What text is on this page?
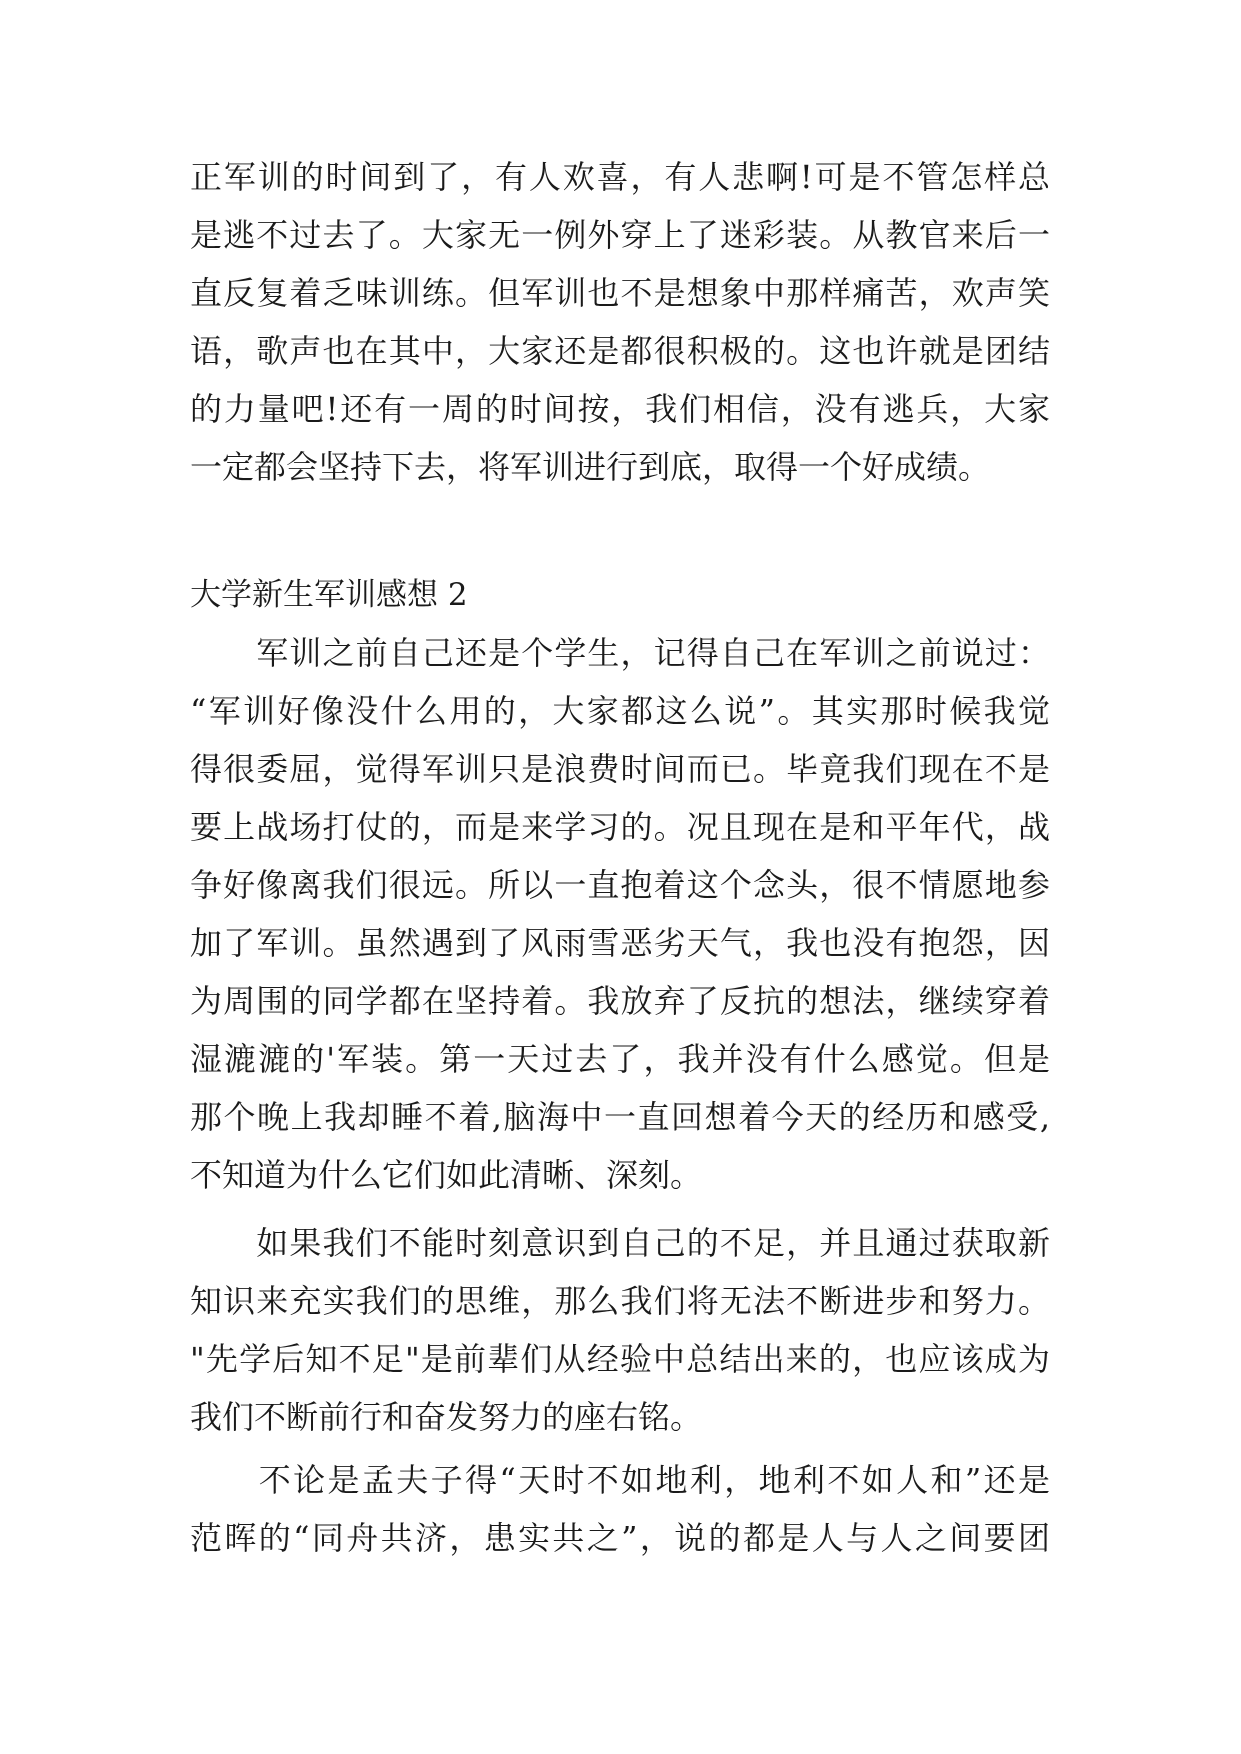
正军训的时间到了，有人欢喜，有人悲啊!可是不管怎样总
是逃不过去了。大家无一例外穿上了迷彩装。从教官来后一
直反复着乏味训练。但军训也不是想象中那样痛苦，欢声笑
语，歌声也在其中，大家还是都很积极的。这也许就是团结
的力量吧!还有一周的时间按，我们相信，没有逃兵，大家
一定都会坚持下去，将军训进行到底，取得一个好成绩。
大学新生军训感想 2
　　军训之前自己还是个学生，记得自己在军训之前说过：
“军训好像没什么用的，大家都这么说”。其实那时候我觉
得很委屈，觉得军训只是浪费时间而已。毕竟我们现在不是
要上战场打仗的，而是来学习的。况且现在是和平年代，战
争好像离我们很远。所以一直抱着这个念头，很不情愿地参
加了军训。虽然遇到了风雨雪恶劣天气，我也没有抱怨，因
为周围的同学都在坚持着。我放弃了反抗的想法，继续穿着
湿漉漉的'军装。第一天过去了，我并没有什么感觉。但是
那个晚上我却睡不着,脑海中一直回想着今天的经历和感受,
不知道为什么它们如此清晰、深刻。
　　如果我们不能时刻意识到自己的不足，并且通过获取新
知识来充实我们的思维，那么我们将无法不断进步和努力。
"先学后知不足"是前辈们从经验中总结出来的，也应该成为
我们不断前行和奋发努力的座右铭。
　　不论是孟夫子得“天时不如地利，地利不如人和”还是
范晖的“同舟共济，患实共之”，说的都是人与人之间要团
